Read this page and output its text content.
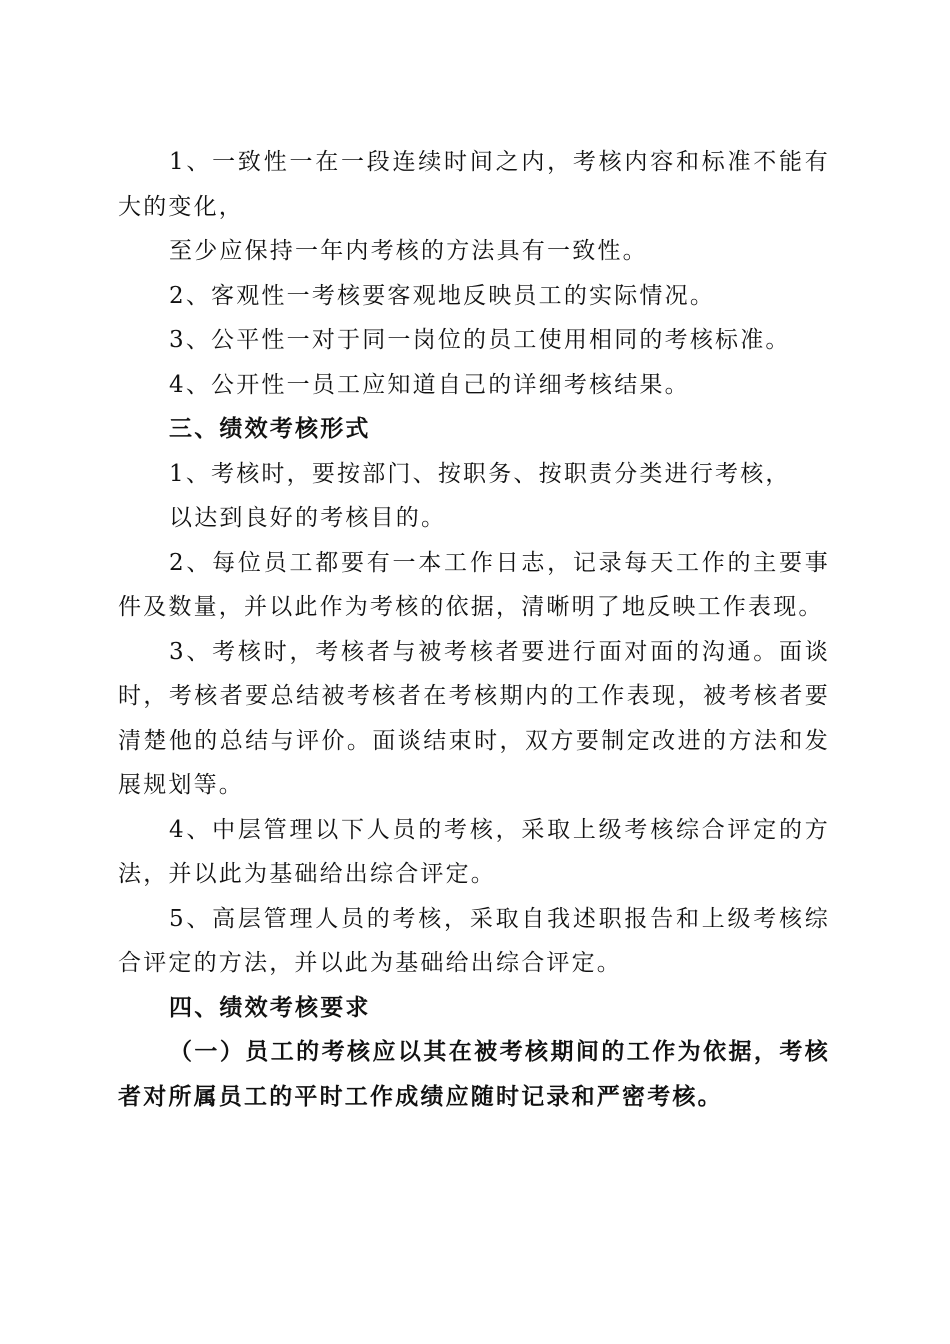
1、一致性一在一段连续时间之内，考核内容和标准不能有大的变化，

至少应保持一年内考核的方法具有一致性。

2、客观性一考核要客观地反映员工的实际情况。

3、公平性一对于同一岗位的员工使用相同的考核标准。

4、公开性一员工应知道自己的详细考核结果。

三、绩效考核形式

1、考核时，要按部门、按职务、按职责分类进行考核，

以达到良好的考核目的。

2、每位员工都要有一本工作日志，记录每天工作的主要事件及数量，并以此作为考核的依据，清晰明了地反映工作表现。

3、考核时，考核者与被考核者要进行面对面的沟通。面谈时，考核者要总结被考核者在考核期内的工作表现，被考核者要清楚他的总结与评价。面谈结束时，双方要制定改进的方法和发展规划等。

4、中层管理以下人员的考核，采取上级考核综合评定的方法，并以此为基础给出综合评定。

5、高层管理人员的考核，采取自我述职报告和上级考核综合评定的方法，并以此为基础给出综合评定。

四、绩效考核要求

（一）员工的考核应以其在被考核期间的工作为依据，考核者对所属员工的平时工作成绩应随时记录和严密考核。
